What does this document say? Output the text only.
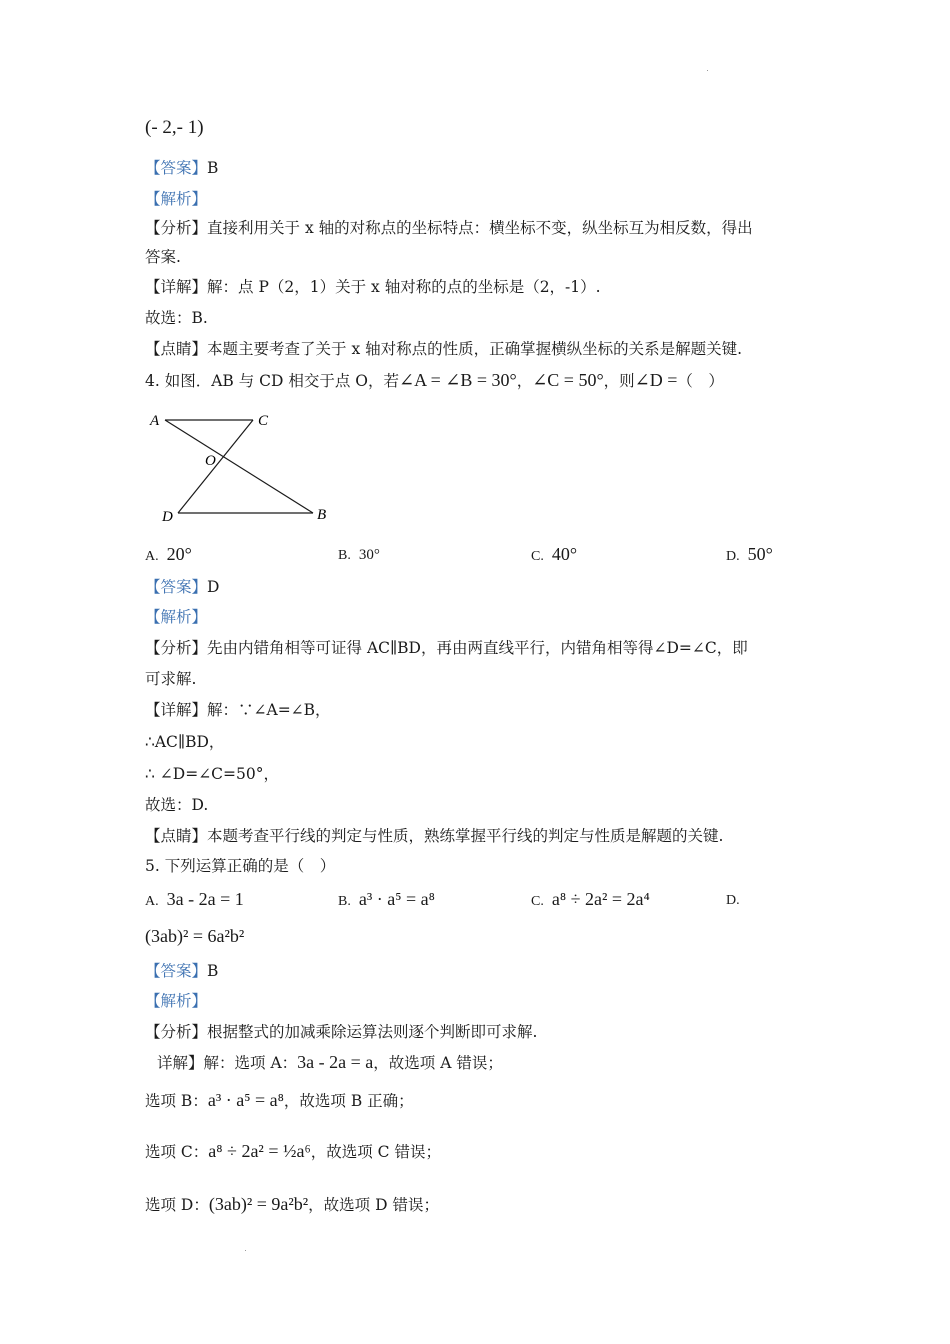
(- 2,- 1)
【答案】B
【解析】
【分析】直接利用关于 x 轴的对称点的坐标特点：横坐标不变，纵坐标互为相反数，得出
答案.
【详解】解：点 P（2，1）关于 x 轴对称的点的坐标是（2，-1）.
故选：B.
【点睛】本题主要考查了关于 x 轴对称点的性质，正确掌握横纵坐标的关系是解题关键.
4. 如图．AB 与 CD 相交于点 O，若∠A = ∠B = 30°，∠C = 50°，则∠D =（　）
A	C
O
D	B
A. 20°	B. 30°	C. 40°	D. 50°
【答案】D
【解析】
【分析】先由内错角相等可证得 AC∥BD，再由两直线平行，内错角相等得∠D=∠C，即
可求解.
【详解】解：∵∠A=∠B，
∴AC∥BD，
∴ ∠D=∠C=50°，
故选：D.
【点睛】本题考查平行线的判定与性质，熟练掌握平行线的判定与性质是解题的关键.
5. 下列运算正确的是（　）
A. 3a - 2a = 1	B. a³ · a⁵ = a⁸	C. a⁸ ÷ 2a² = 2a⁴	D.
(3ab)² = 6a²b²
【答案】B
【解析】
【分析】根据整式的加减乘除运算法则逐个判断即可求解.
详解】解：选项 A：3a - 2a = a，故选项 A 错误；
选项 B：a³ · a⁵ = a⁸，故选项 B 正确；
选项 C：a⁸ ÷ 2a² = ½a⁶，故选项 C 错误；
选项 D：(3ab)² = 9a²b²，故选项 D 错误；
